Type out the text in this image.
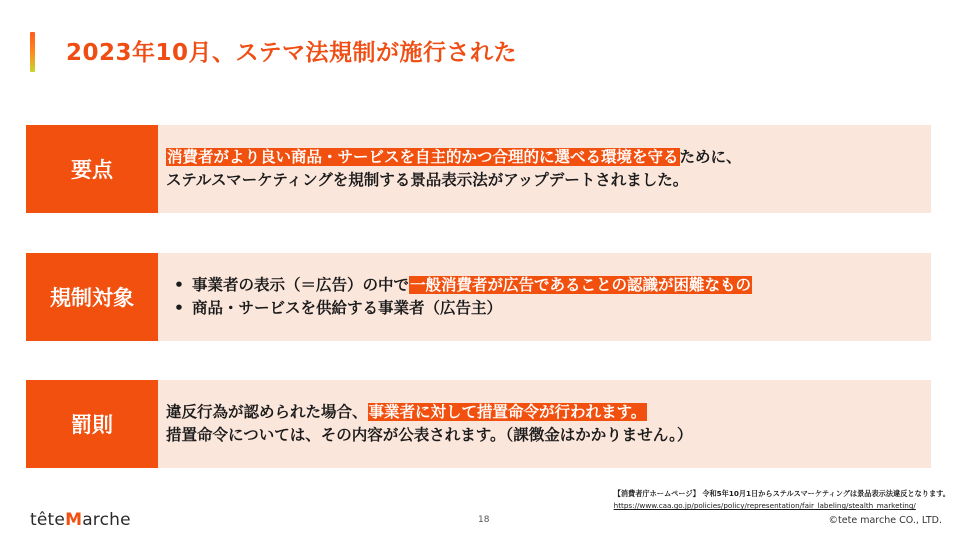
2023年10月、ステマ法規制が施行された
要点
消費者がより良い商品・サービスを自主的かつ合理的に選べる環境を守るために、
ステルスマーケティングを規制する景品表示法がアップデートされました。
規制対象
• 事業者の表示（＝広告）の中で一般消費者が広告であることの認識が困難なもの
• 商品・サービスを供給する事業者（広告主）
罰則
違反行為が認められた場合、事業者に対して措置命令が行われます。
措置命令については、その内容が公表されます。（課徴金はかかりません。）
【消費者庁ホームページ】 令和5年10月1日からステルスマーケティングは景品表示法違反となります。
https://www.caa.go.jp/policies/policy/representation/fair_labeling/stealth_marketing/
têteMarche	18	©tete marche CO., LTD.
